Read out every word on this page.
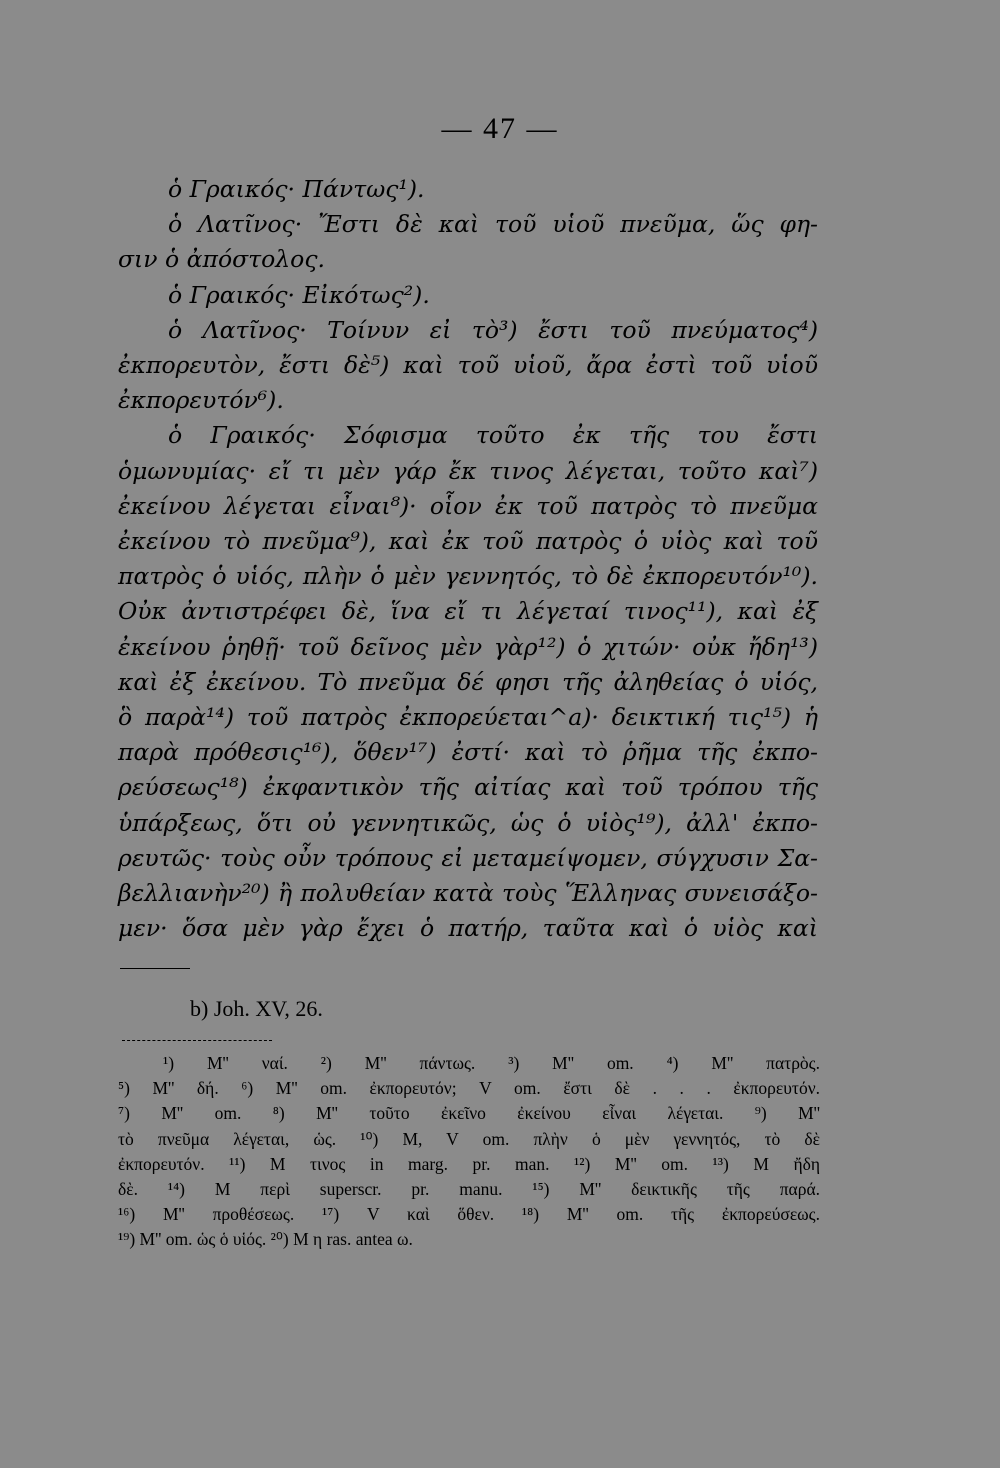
— 47 —
ὁ Γραικός· Πάντως¹).
ὁ Λατῖνος· Ἔστι δὲ καὶ τοῦ υἱοῦ πνεῦμα, ὥς φη-
σιν ὁ ἀπόστολος.
ὁ Γραικός· Εἰκότως²).
ὁ Λατῖνος· Τοίνυν εἰ τὸ³) ἔστι τοῦ πνεύματος⁴)
ἐκπορευτὸν, ἔστι δὲ⁵) καὶ τοῦ υἱοῦ, ἄρα ἐστὶ τοῦ υἱοῦ
ἐκπορευτόν⁶).
ὁ Γραικός· Σόφισμα τοῦτο ἐκ τῆς του ἔστι
ὁμωνυμίας· εἴ τι μὲν γάρ ἔκ τινος λέγεται, τοῦτο καὶ⁷)
ἐκείνου λέγεται εἶναι⁸)· οἷον ἐκ τοῦ πατρὸς τὸ πνεῦμα
ἐκείνου τὸ πνεῦμα⁹), καὶ ἐκ τοῦ πατρὸς ὁ υἱὸς καὶ τοῦ
πατρὸς ὁ υἱός, πλὴν ὁ μὲν γεννητός, τὸ δὲ ἐκπορευτόν¹⁰).
Οὐκ ἀντιστρέφει δὲ, ἵνα εἴ τι λέγεταί τινος¹¹), καὶ ἐξ
ἐκείνου ῥηθῇ· τοῦ δεῖνος μὲν γὰρ¹²) ὁ χιτών· οὐκ ἤδη¹³)
καὶ ἐξ ἐκείνου. Τὸ πνεῦμα δέ φησι τῆς ἀληθείας ὁ υἱός,
ὃ παρὰ¹⁴) τοῦ πατρὸς ἐκπορεύεται^a)· δεικτική τις¹⁵) ἡ
παρὰ πρόθεσις¹⁶), ὅθεν¹⁷) ἐστί· καὶ τὸ ῥῆμα τῆς ἐκπο-
ρεύσεως¹⁸) ἐκφαντικὸν τῆς αἰτίας καὶ τοῦ τρόπου τῆς
ὑπάρξεως, ὅτι οὐ γεννητικῶς, ὡς ὁ υἱὸς¹⁹), ἀλλ' ἐκπο-
ρευτῶς· τοὺς οὖν τρόπους εἰ μεταμείψομεν, σύγχυσιν Σα-
βελλιανὴν²⁰) ἢ πολυθείαν κατὰ τοὺς Ἕλληνας συνεισάξο-
μεν· ὅσα μὲν γὰρ ἔχει ὁ πατήρ, ταῦτα καὶ ὁ υἱὸς καὶ
b) Joh. XV, 26.
¹) M'' ναί. ²) M'' πάντως. ³) M'' om. ⁴) M'' πατρὸς.
⁵) M'' δή. ⁶) M'' om. ἐκπορευτόν; V om. ἔστι δὲ . . . ἐκπορευτόν.
⁷) M'' om. ⁸) M'' τοῦτο ἐκεῖνο ἐκείνου εἶναι λέγεται. ⁹) M''
τὸ πνεῦμα λέγεται, ὡς. ¹⁰) M, V om. πλὴν ὁ μὲν γεννητός, τὸ δὲ
ἐκπορευτόν. ¹¹) M τινος in marg. pr. man. ¹²) M'' om. ¹³) M ἤδη
δὲ. ¹⁴) M περὶ superscr. pr. manu. ¹⁵) M'' δεικτικῆς τῆς παρά.
¹⁶) M'' προθέσεως. ¹⁷) V καὶ ὅθεν. ¹⁸) M'' om. τῆς ἐκπορεύσεως.
¹⁹) M'' om. ὡς ὁ υἱός. ²⁰) M η ras. antea ω.
